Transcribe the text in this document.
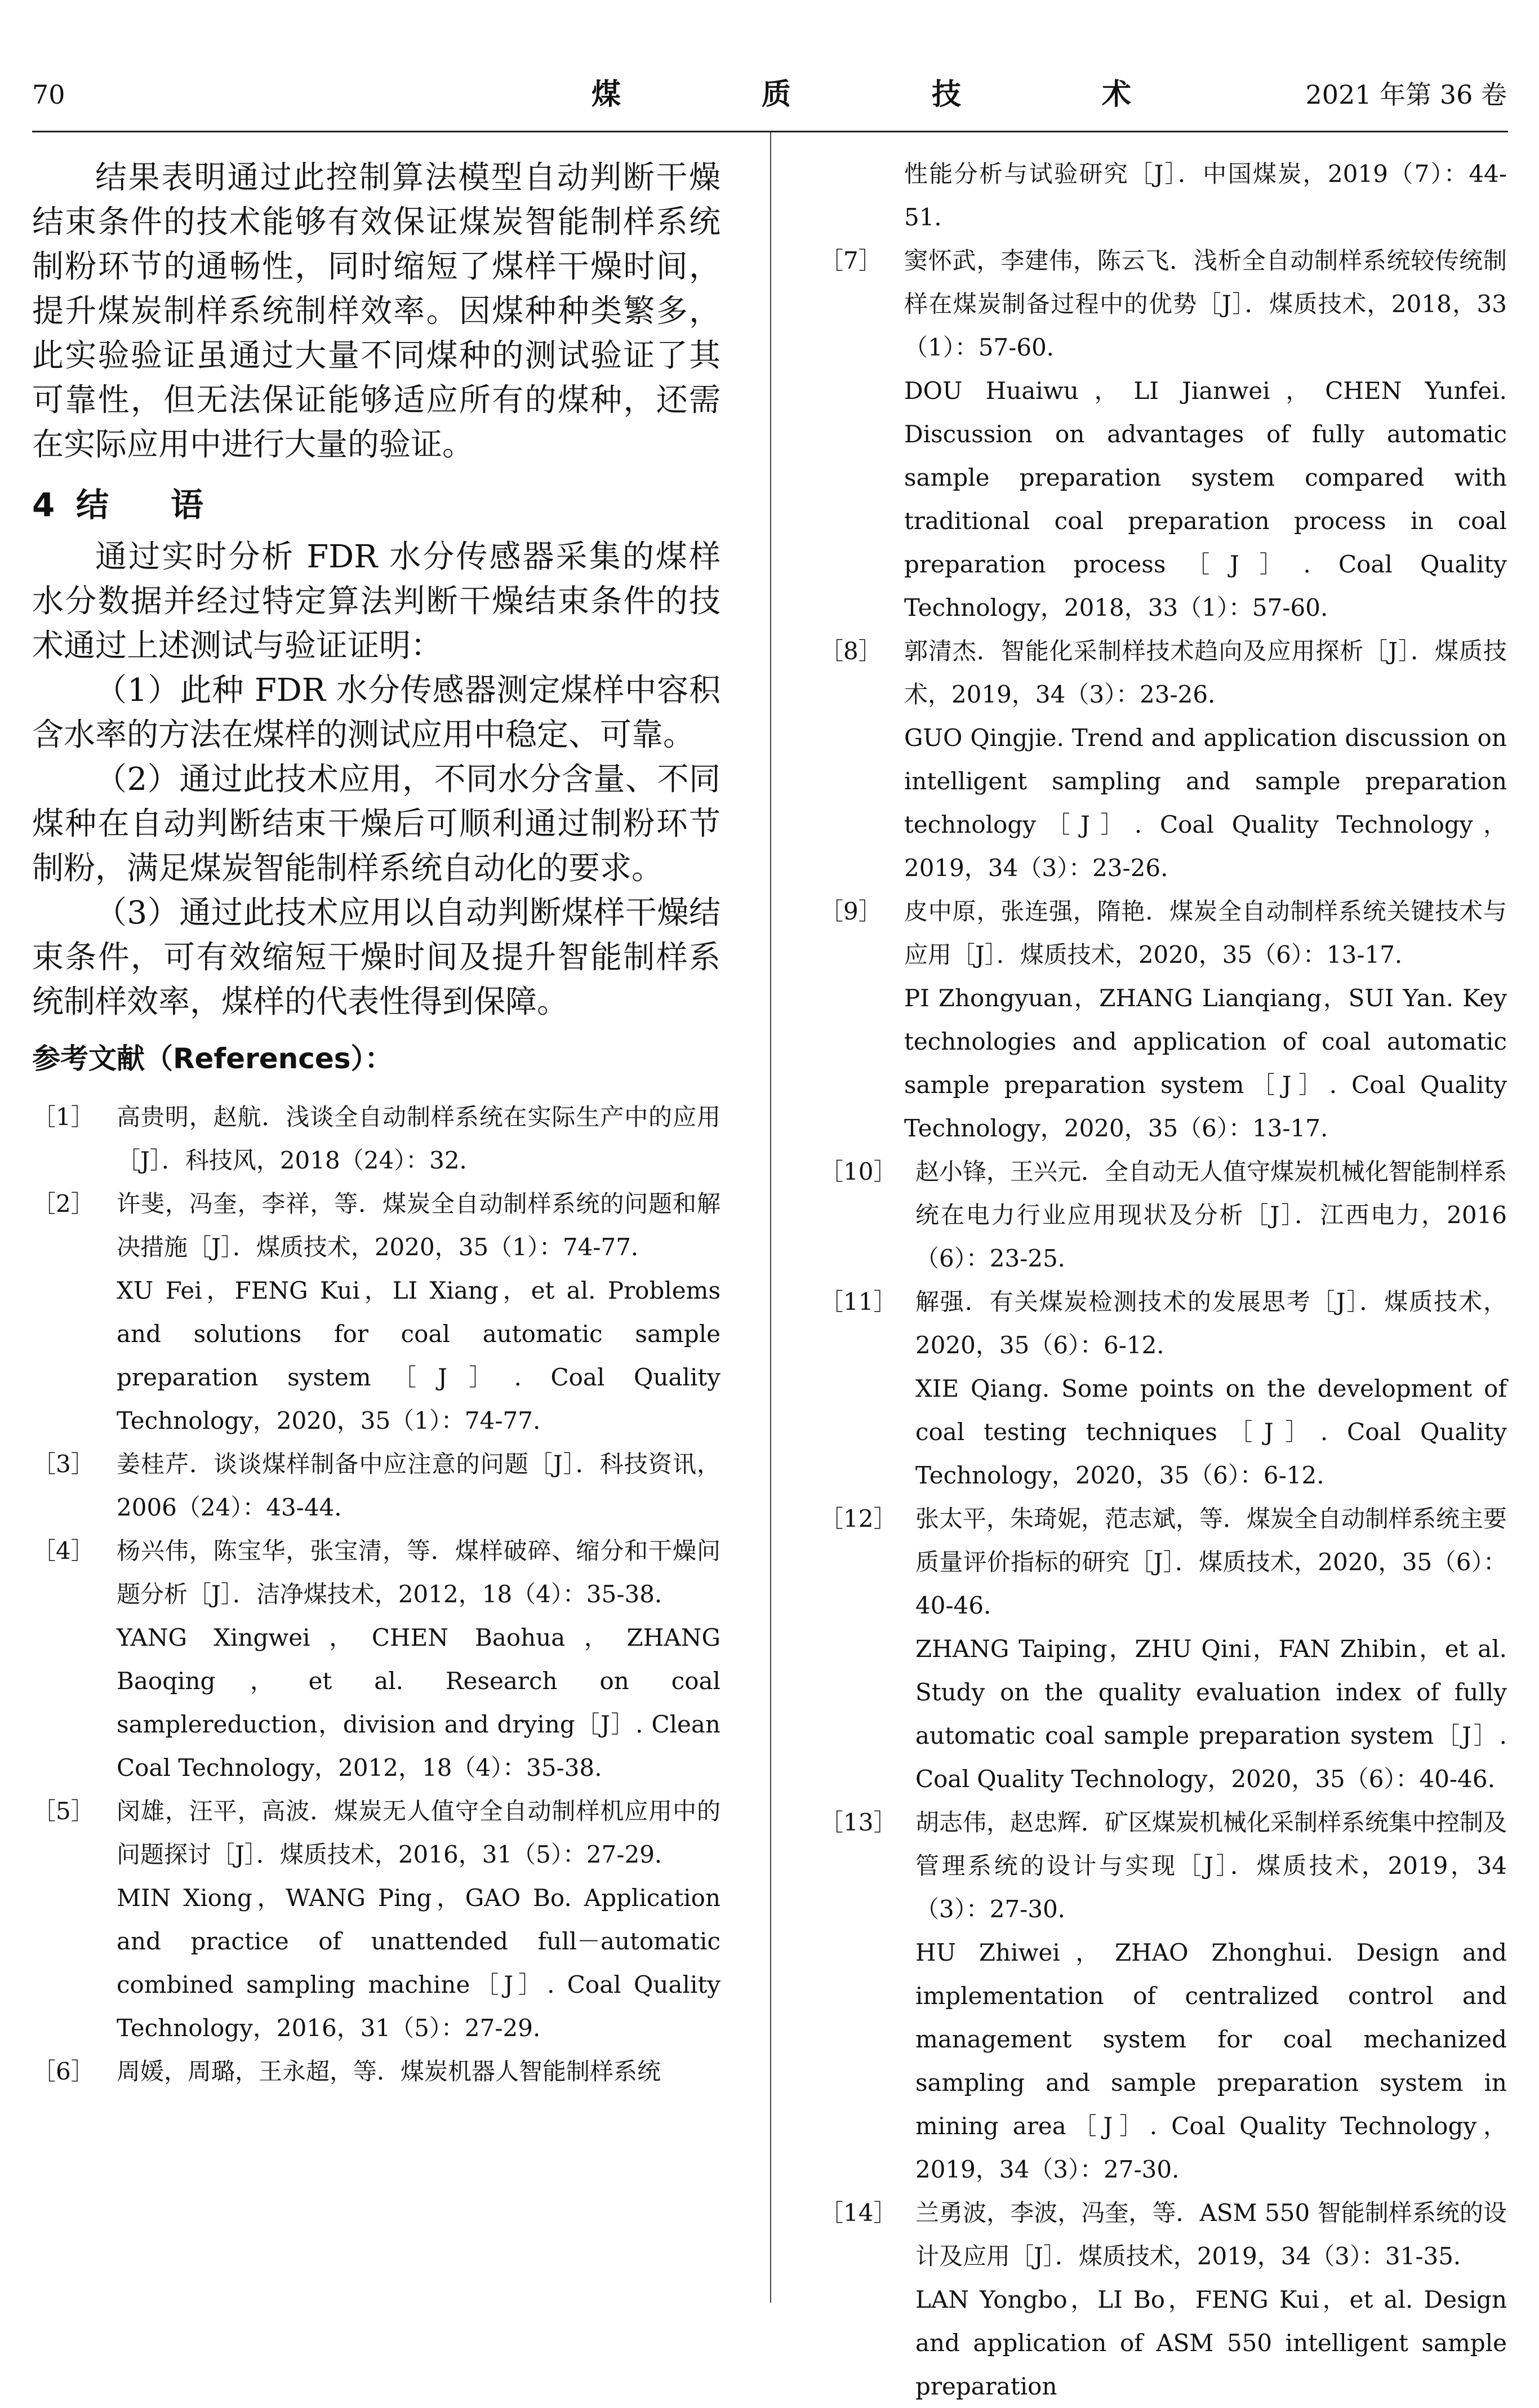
70	煤	质	技	术	2021 年第 36 卷

结果表明通过此控制算法模型自动判断干燥结束条件的技术能够有效保证煤炭智能制样系统制粉环节的通畅性，同时缩短了煤样干燥时间，提升煤炭制样系统制样效率。因煤种种类繁多，此实验验证虽通过大量不同煤种的测试验证了其可靠性，但无法保证能够适应所有的煤种，还需在实际应用中进行大量的验证。

4 结 语

通过实时分析 FDR 水分传感器采集的煤样水分数据并经过特定算法判断干燥结束条件的技术通过上述测试与验证证明：

（1）此种 FDR 水分传感器测定煤样中容积含水率的方法在煤样的测试应用中稳定、可靠。

（2）通过此技术应用，不同水分含量、不同煤种在自动判断结束干燥后可顺利通过制粉环节制粉，满足煤炭智能制样系统自动化的要求。

（3）通过此技术应用以自动判断煤样干燥结束条件，可有效缩短干燥时间及提升智能制样系统制样效率，煤样的代表性得到保障。

参考文献（References）：
［1］ 高贵明，赵航．浅谈全自动制样系统在实际生产中的应用［J］．科技风，2018（24）：32．
［2］ 许斐，冯奎，李祥，等．煤炭全自动制样系统的问题和解决措施［J］．煤质技术，2020，35（1）：74-77．
XU Fei，FENG Kui，LI Xiang，et al. Problems and solutions for coal automatic sample preparation system［J］. Coal Quality Technology，2020，35（1）：74-77.
［3］ 姜桂芹．谈谈煤样制备中应注意的问题［J］．科技资讯，2006（24）：43-44．
［4］ 杨兴伟，陈宝华，张宝清，等．煤样破碎、缩分和干燥问题分析［J］．洁净煤技术，2012，18（4）：35-38．
YANG Xingwei，CHEN Baohua，ZHANG Baoqing，et al. Research on coal samplereduction，division and drying［J］. Clean Coal Technology，2012，18（4）：35-38.
［5］ 闵雄，汪平，高波．煤炭无人值守全自动制样机应用中的问题探讨［J］．煤质技术，2016，31（5）：27-29．
MIN Xiong，WANG Ping，GAO Bo. Application and practice of unattended full－automatic combined sampling machine［J］. Coal Quality Technology，2016，31（5）：27-29.
［6］ 周媛，周璐，王永超，等．煤炭机器人智能制样系统
性能分析与试验研究［J］．中国煤炭，2019（7）：44-51．
［7］ 窦怀武，李建伟，陈云飞．浅析全自动制样系统较传统制样在煤炭制备过程中的优势［J］．煤质技术，2018，33（1）：57-60．
DOU Huaiwu，LI Jianwei，CHEN Yunfei. Discussion on advantages of fully automatic sample preparation system compared with traditional coal preparation process in coal preparation process［J］. Coal Quality Technology，2018，33（1）：57-60.
［8］ 郭清杰．智能化采制样技术趋向及应用探析［J］．煤质技术，2019，34（3）：23-26．
GUO Qingjie. Trend and application discussion on intelligent sampling and sample preparation technology［J］. Coal Quality Technology，2019，34（3）：23-26.
［9］ 皮中原，张连强，隋艳．煤炭全自动制样系统关键技术与应用［J］．煤质技术，2020，35（6）：13-17．
PI Zhongyuan，ZHANG Lianqiang，SUI Yan. Key technologies and application of coal automatic sample preparation system［J］. Coal Quality Technology，2020，35（6）：13-17.
［10］ 赵小锋，王兴元．全自动无人值守煤炭机械化智能制样系统在电力行业应用现状及分析［J］．江西电力，2016（6）：23-25．
［11］ 解强．有关煤炭检测技术的发展思考［J］．煤质技术，2020，35（6）：6-12．
XIE Qiang. Some points on the development of coal testing techniques［J］. Coal Quality Technology，2020，35（6）：6-12.
［12］ 张太平，朱琦妮，范志斌，等．煤炭全自动制样系统主要质量评价指标的研究［J］．煤质技术，2020，35（6）：40-46．
ZHANG Taiping，ZHU Qini，FAN Zhibin，et al. Study on the quality evaluation index of fully automatic coal sample preparation system［J］. Coal Quality Technology，2020，35（6）：40-46.
［13］ 胡志伟，赵忠辉．矿区煤炭机械化采制样系统集中控制及管理系统的设计与实现［J］．煤质技术，2019，34（3）：27-30．
HU Zhiwei，ZHAO Zhonghui. Design and implementation of centralized control and management system for coal mechanized sampling and sample preparation system in mining area［J］. Coal Quality Technology，2019，34（3）：27-30.
［14］ 兰勇波，李波，冯奎，等．ASM 550 智能制样系统的设计及应用［J］．煤质技术，2019，34（3）：31-35．
LAN Yongbo，LI Bo，FENG Kui，et al. Design and application of ASM 550 intelligent sample preparation
